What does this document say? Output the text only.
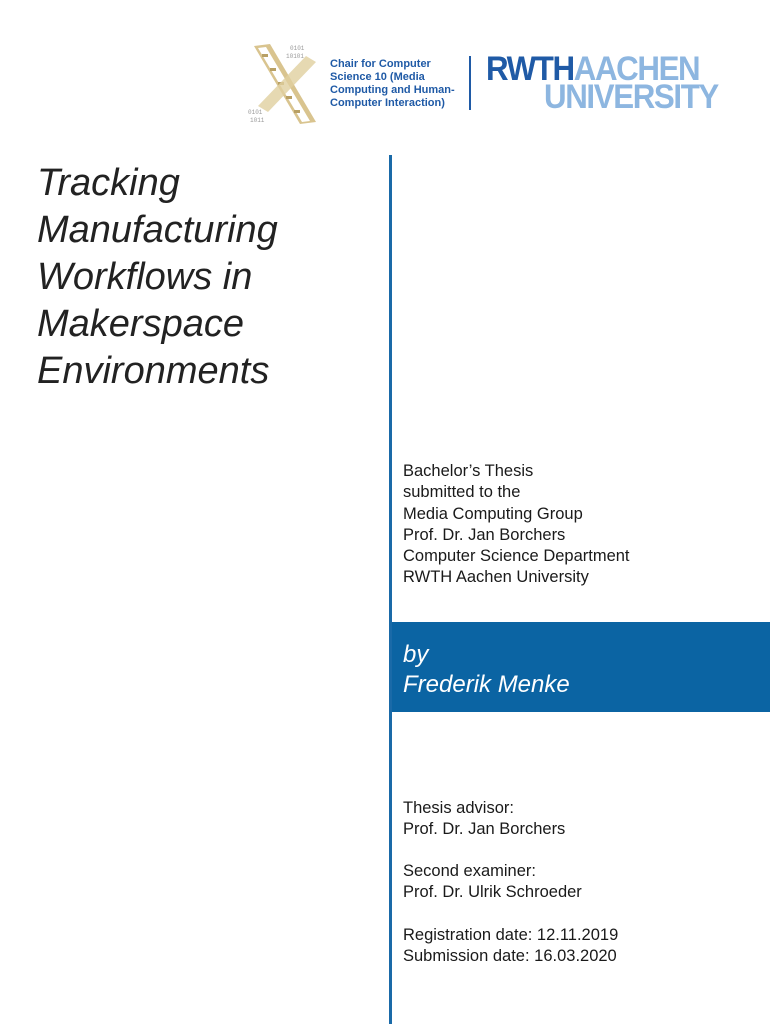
0101
10101
0101
1011
Chair for Computer
Science 10 (Media
Computing and Human-
Computer Interaction)
RWTHAACHEN
UNIVERSITY
Tracking
Manufacturing
Workflows in
Makerspace
Environments
Bachelor’s Thesis
submitted to the
Media Computing Group
Prof. Dr. Jan Borchers
Computer Science Department
RWTH Aachen University
by
Frederik Menke
Thesis advisor:
Prof. Dr. Jan Borchers
Second examiner:
Prof. Dr. Ulrik Schroeder
Registration date: 12.11.2019
Submission date: 16.03.2020
